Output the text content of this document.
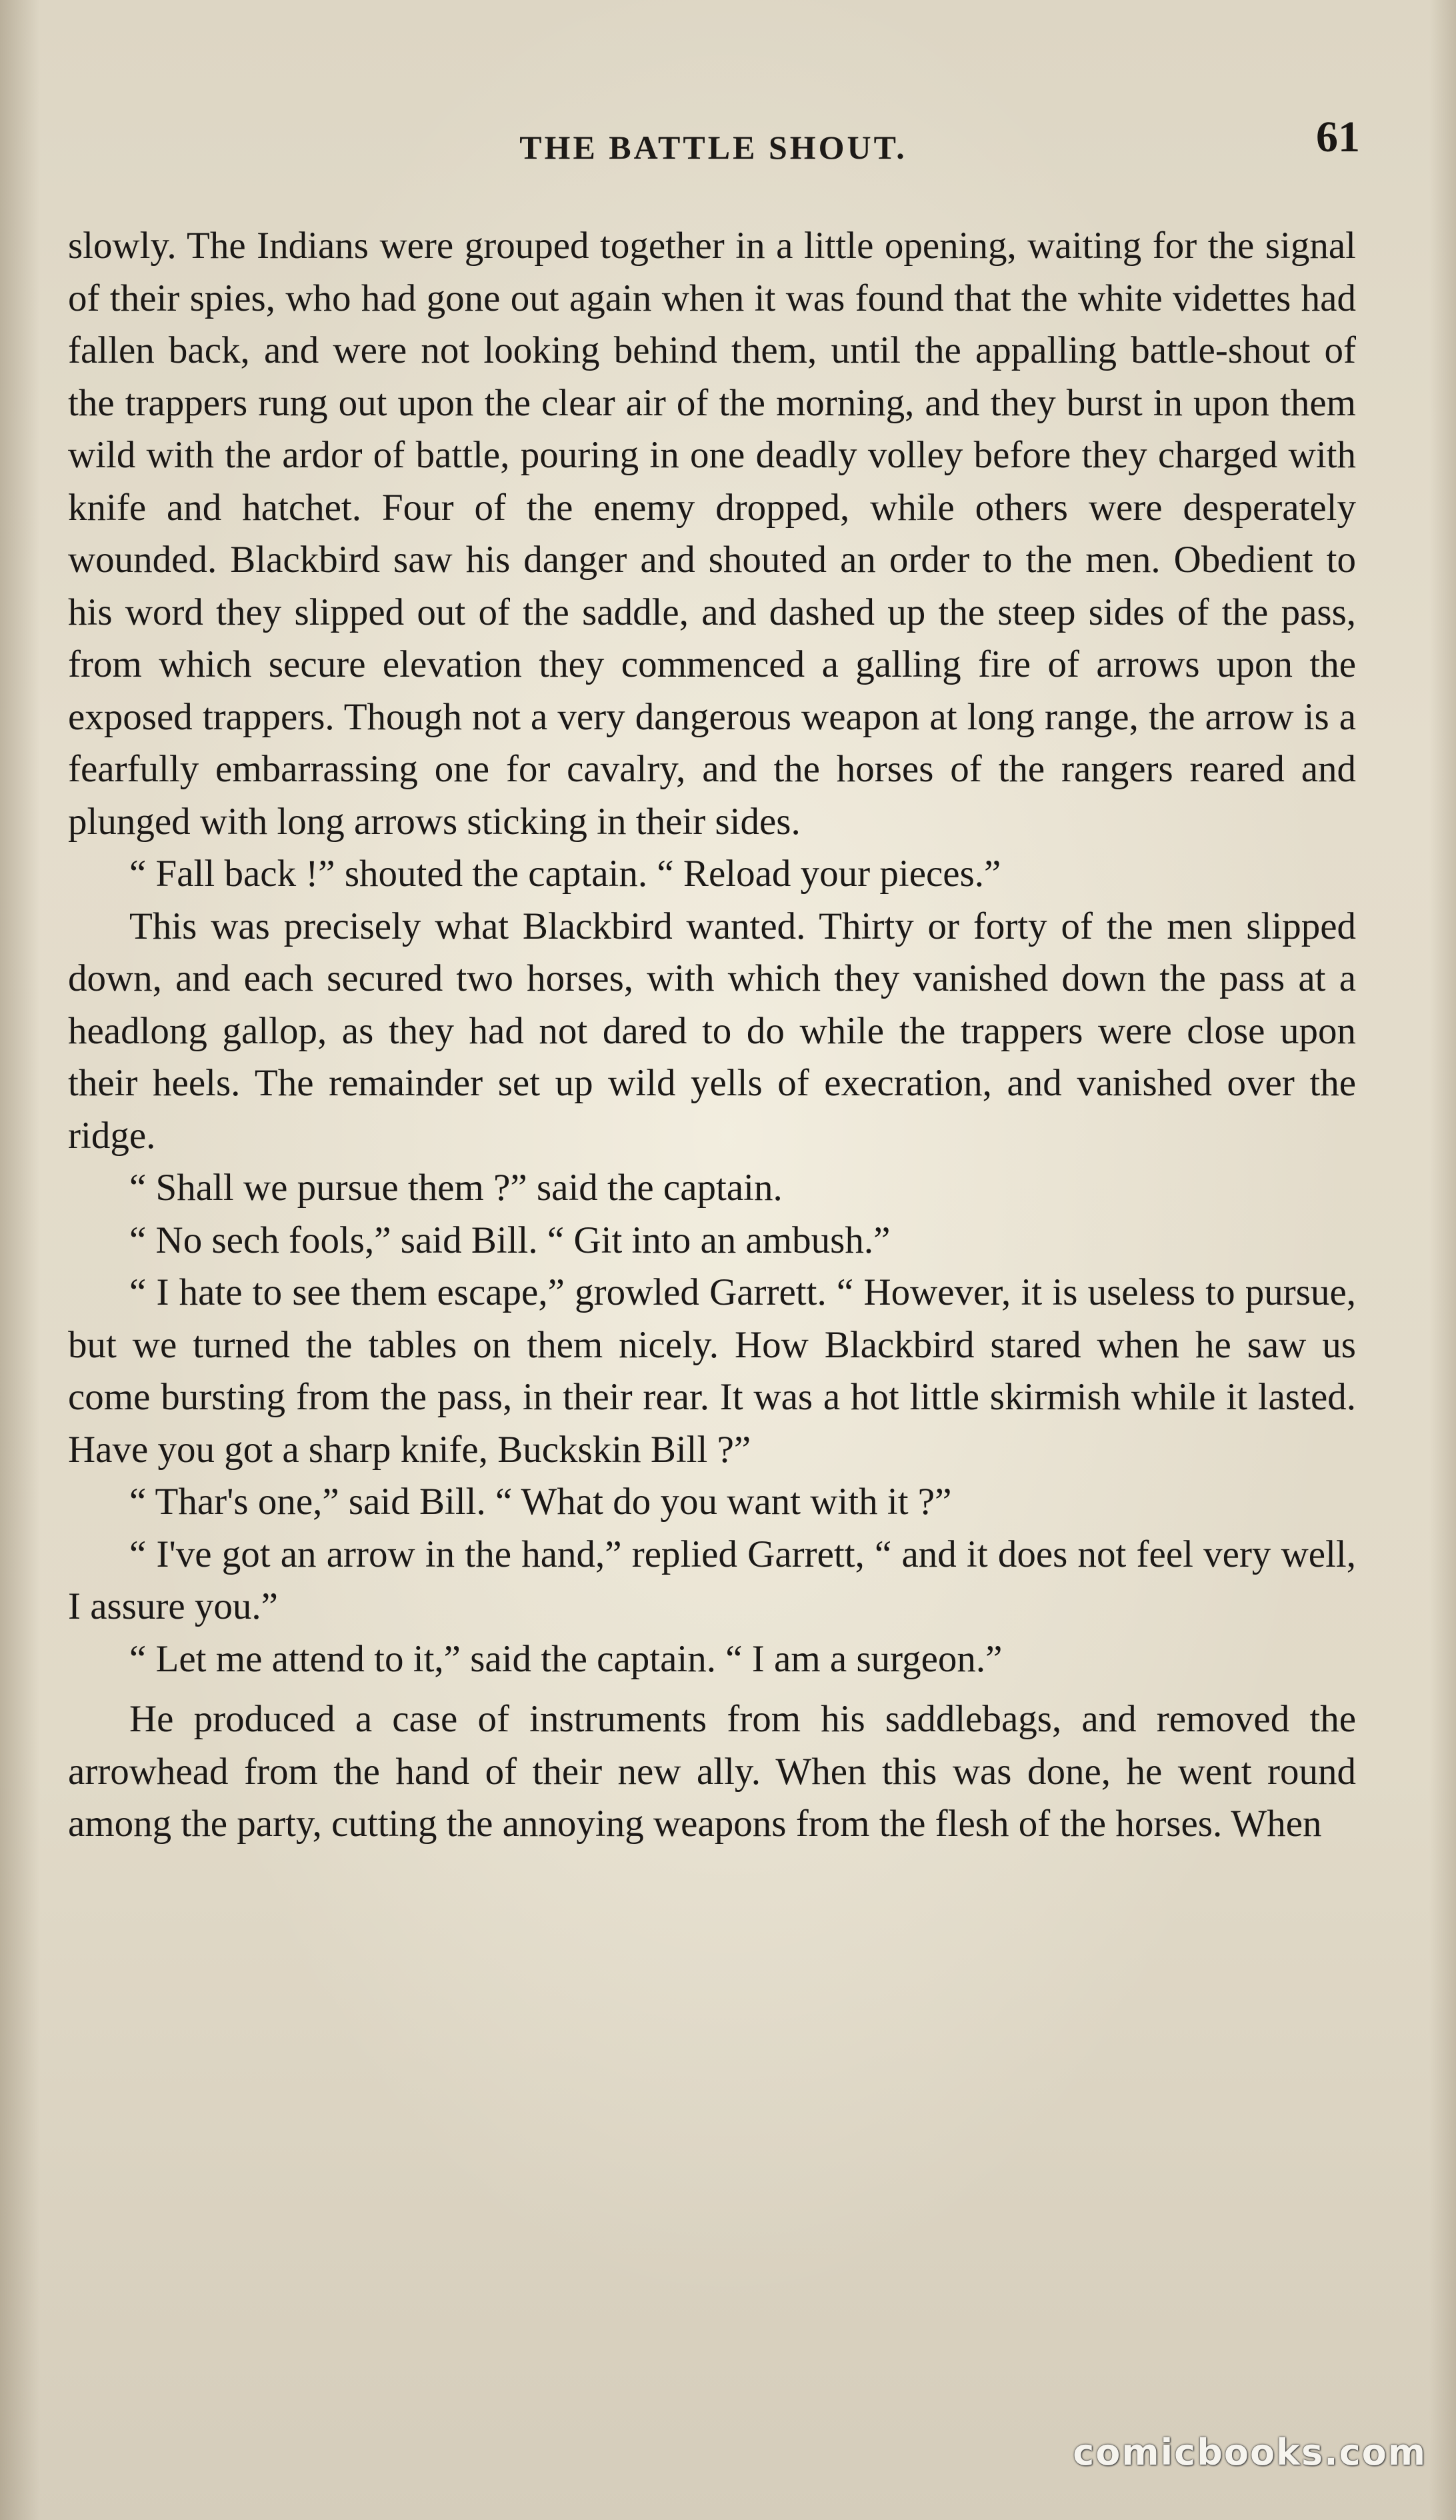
THE BATTLE SHOUT.	61

slowly. The Indians were grouped together in a little opening, waiting for the signal of their spies, who had gone out again when it was found that the white videttes had fallen back, and were not looking behind them, until the appalling battle-shout of the trappers rung out upon the clear air of the morning, and they burst in upon them wild with the ardor of battle, pouring in one deadly volley before they charged with knife and hatchet. Four of the enemy dropped, while others were desperately wounded. Blackbird saw his danger and shouted an order to the men. Obedient to his word they slipped out of the saddle, and dashed up the steep sides of the pass, from which secure elevation they commenced a galling fire of arrows upon the exposed trappers. Though not a very dangerous weapon at long range, the arrow is a fearfully embarrassing one for cavalry, and the horses of the rangers reared and plunged with long arrows sticking in their sides.

“ Fall back !” shouted the captain. “ Reload your pieces.”

This was precisely what Blackbird wanted. Thirty or forty of the men slipped down, and each secured two horses, with which they vanished down the pass at a headlong gallop, as they had not dared to do while the trappers were close upon their heels. The remainder set up wild yells of execration, and vanished over the ridge.

“ Shall we pursue them ?” said the captain.

“ No sech fools,” said Bill. “ Git into an ambush.”

“ I hate to see them escape,” growled Garrett. “ However, it is useless to pursue, but we turned the tables on them nicely. How Blackbird stared when he saw us come bursting from the pass, in their rear. It was a hot little skirmish while it lasted. Have you got a sharp knife, Buckskin Bill ?”

“ Thar's one,” said Bill. “ What do you want with it ?”

“ I've got an arrow in the hand,” replied Garrett, “ and it does not feel very well, I assure you.”

“ Let me attend to it,” said the captain. “ I am a surgeon.”

He produced a case of instruments from his saddlebags, and removed the arrowhead from the hand of their new ally. When this was done, he went round among the party, cutting the annoying weapons from the flesh of the horses. When

comicbooks.com
